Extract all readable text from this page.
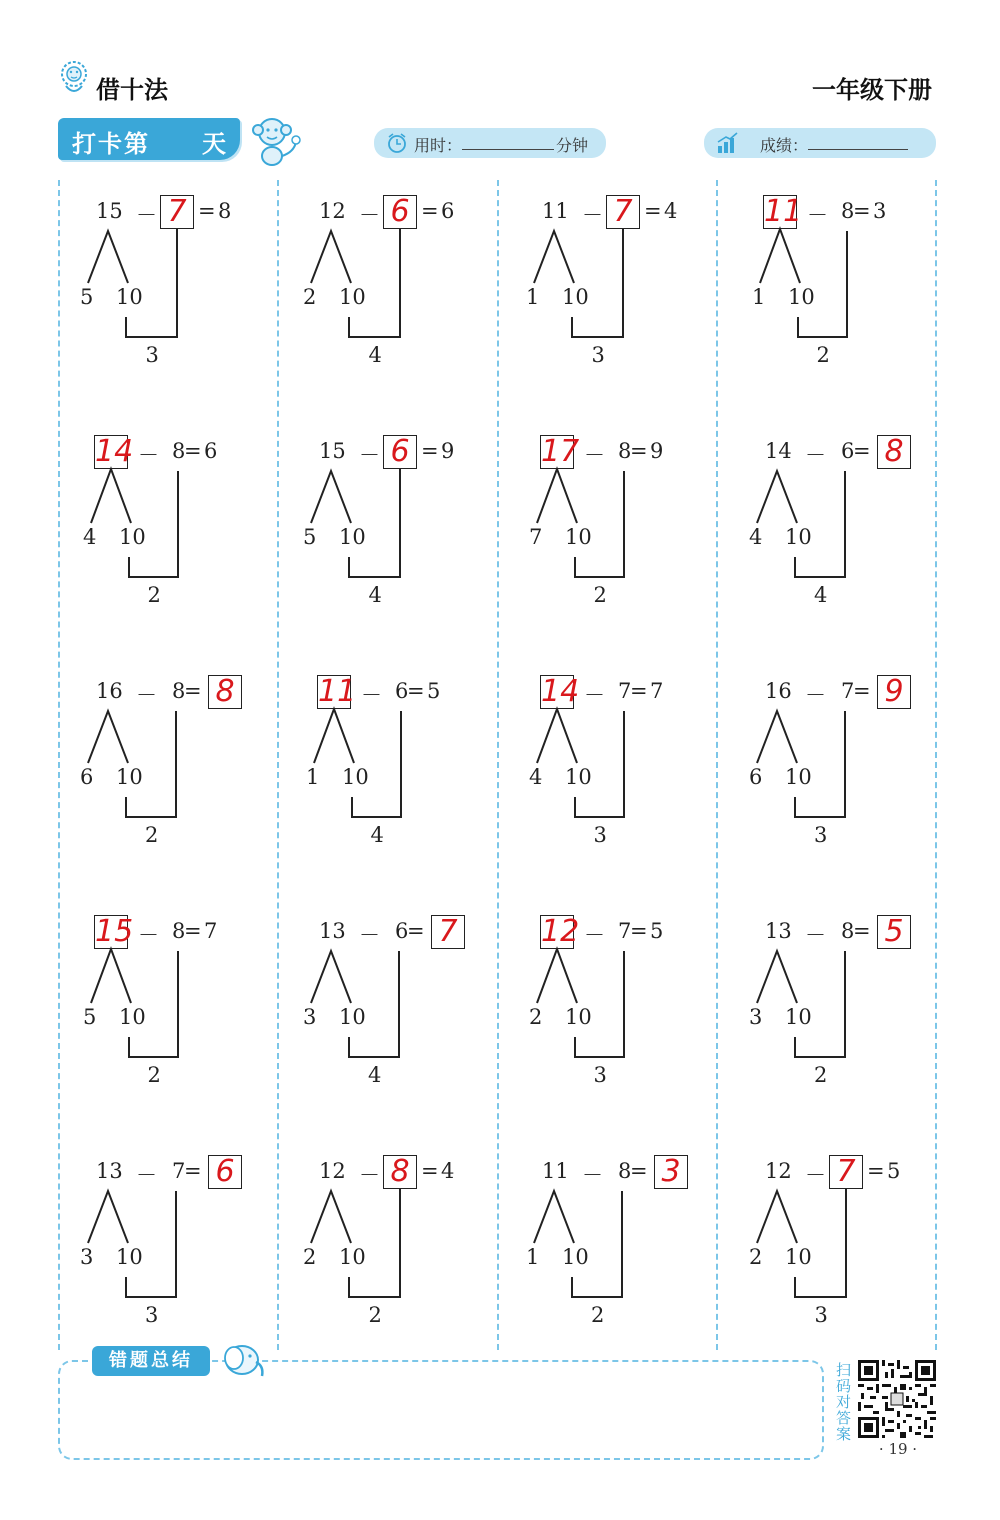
借十法	一年级下册
打卡第 天	用时：	分钟	成绩：
15 － 7 = 8
5 10
3
12 － 6 = 6
2 10
4
11 － 7 = 4
1 10
3
11 － 8
= 3
1 10
2
14 － 8
= 6
4 10
2
15 － 6 = 9
5 10
4
17 － 8
= 9
7 10
2
14 － 6
= 8
4 10
4
16 － 8
= 8
6 10
2
11 － 6
= 5
1 10
4
14 － 7
= 7
4 10
3
16 － 7
= 9
6 10
3
15 － 8
= 7
5 10
2
13 － 6
= 7
3 10
4
12 － 7
= 5
2 10
3
13 － 8
= 5
3 10
2
13 － 7
= 6
3 10
3
12 － 8 = 4
2 10
2
11 － 8
= 3
1 10
2
12 － 7 = 5
2 10
3
错题总结	扫码对答案
· 19 ·
